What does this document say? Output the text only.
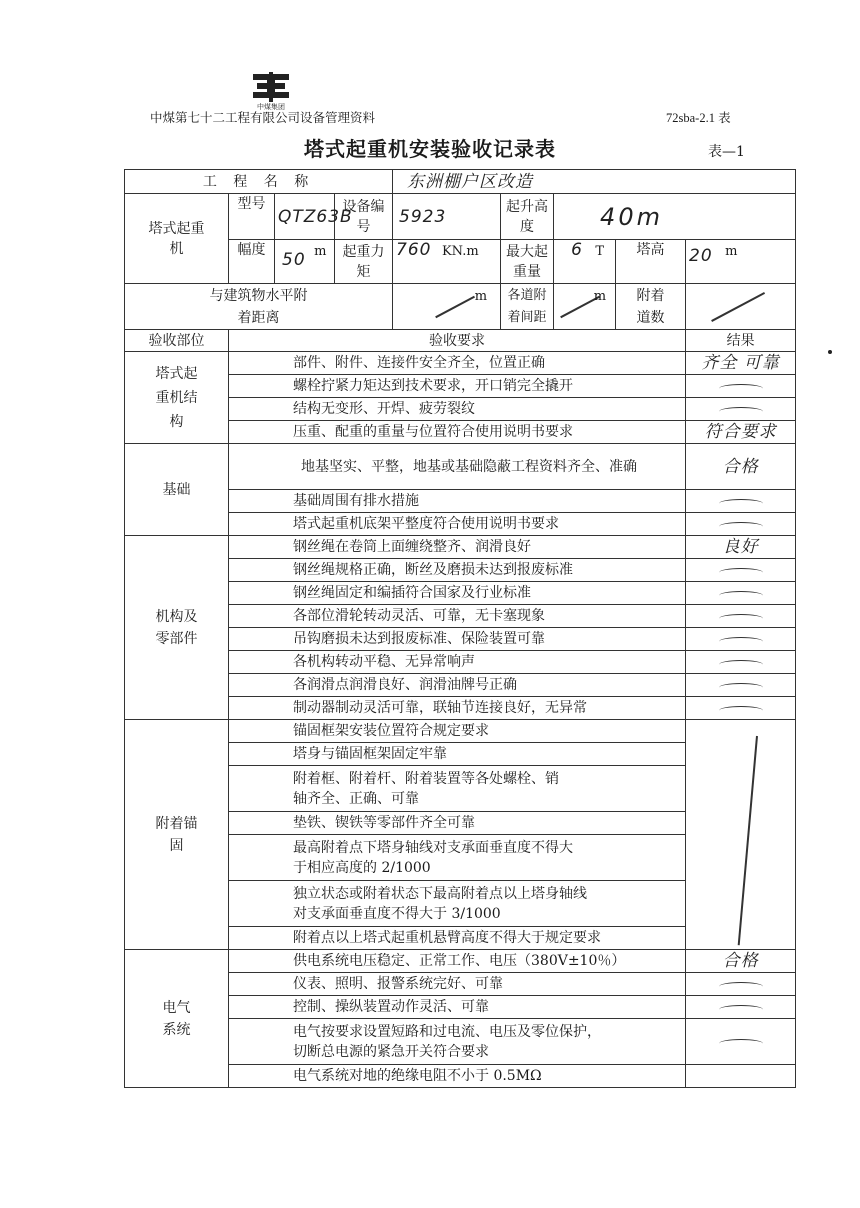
中煤集团
中煤第七十二工程有限公司设备管理资料	72sba-2.1 表
塔式起重机安装验收记录表	表—1
工 程 名 称				东洲棚户区改造				
塔式起重机	型号	QTZ63B	设备编号	5923	起升高度	40m		
	幅度	50 m	起重力矩	760 KN.m	最大起重量	6 T	塔高	20 m
与建筑物水平附着距离				m	各道附着间距	m	附着道数	

验收部位	验收要求							结果
塔式起重机结构	部件、附件、连接件安全齐全，位置正确							齐全 可靠
	螺栓拧紧力矩达到技术要求，开口销完全撬开							

	结构无变形、开焊、疲劳裂纹							

	压重、配重的重量与位置符合使用说明书要求							符合要求
基础	地基坚实、平整，地基或基础隐蔽工程资料齐全、准确							合格
	基础周围有排水措施							

	塔式起重机底架平整度符合使用说明书要求							

机构及零部件	钢丝绳在卷筒上面缠绕整齐、润滑良好							良好
	钢丝绳规格正确，断丝及磨损未达到报废标准							

	钢丝绳固定和编插符合国家及行业标准							

	各部位滑轮转动灵活、可靠，无卡塞现象							

	吊钩磨损未达到报废标准、保险装置可靠							

	各机构转动平稳、无异常响声							

	各润滑点润滑良好、润滑油牌号正确							

	制动器制动灵活可靠，联轴节连接良好，无异常							

附着锚固	锚固框架安装位置符合规定要求							
	塔身与锚固框架固定牢靠							
	附着框、附着杆、附着装置等各处螺栓、销轴齐全、正确、可靠							
	垫铁、锲铁等零部件齐全可靠							
	最高附着点下塔身轴线对支承面垂直度不得大于相应高度的 2/1000							
	独立状态或附着状态下最高附着点以上塔身轴线对支承面垂直度不得大于 3/1000							
	附着点以上塔式起重机悬臂高度不得大于规定要求							
电气系统	供电系统电压稳定、正常工作、电压（380V±10％）							合格
	仪表、照明、报警系统完好、可靠							

	控制、操纵装置动作灵活、可靠							

	电气按要求设置短路和过电流、电压及零位保护，切断总电源的紧急开关符合要求							

	电气系统对地的绝缘电阻不小于 0.5MΩ							
